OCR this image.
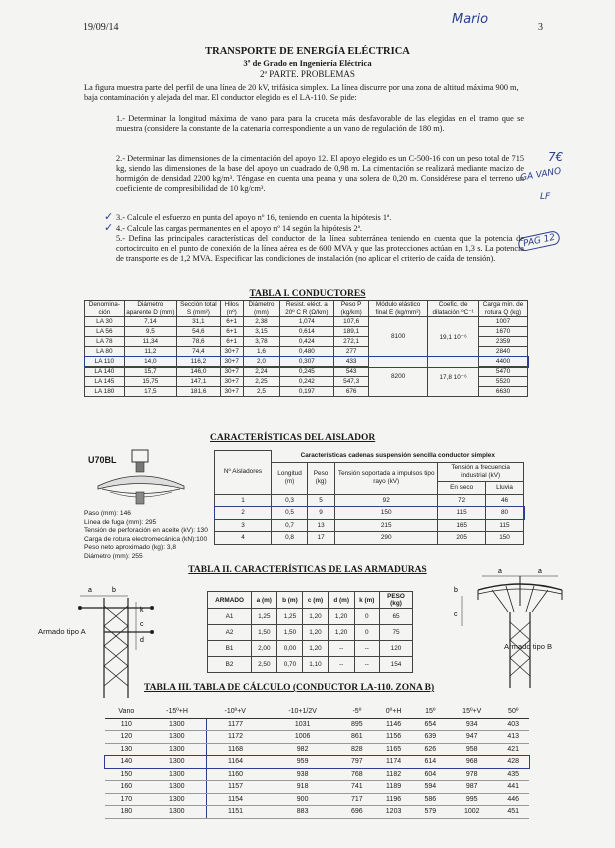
19/09/14
Mario
3
7€
GA VANO
LF
PAG 12
TRANSPORTE DE ENERGÍA ELÉCTRICA
3º de Grado en Ingeniería Eléctrica
2ª PARTE. PROBLEMAS
La figura muestra parte del perfil de una línea de 20 kV, trifásica simplex. La línea discurre por una zona de altitud máxima 900 m, baja contaminación y alejada del mar. El conductor elegido es el LA-110. Se pide:
1.- Determinar la longitud máxima de vano para para la cruceta más desfavorable de las elegidas en el tramo que se muestra (considere la constante de la catenaria correspondiente a un vano de regulación de 180 m).
2.- Determinar las dimensiones de la cimentación del apoyo 12. El apoyo elegido es un C-500-16 con un peso total de 715 kg, siendo las dimensiones de la base del apoyo un cuadrado de 0,98 m. La cimentación se realizará mediante macizo de hormigón de densidad 2200 kg/m³. Téngase en cuenta una peana y una solera de 0,20 m. Considérese para el terreno un coeficiente de compresibilidad de 10 kg/cm³.
3.- Calcule el esfuerzo en punta del apoyo nº 16, teniendo en cuenta la hipótesis 1ª.
4.- Calcule las cargas permanentes en el apoyo nº 14 según la hipótesis 2ª.
5.- Defina las principales características del conductor de la línea subterránea teniendo en cuenta que la potencia de cortocircuito en el punto de conexión de la línea aérea es de 600 MVA y que las protecciones actúan en 1,3 s. La potencia de transporte es de 1,2 MVA. Especificar las condiciones de instalación (no aplicar el criterio de caída de tensión).
✓
✓
TABLA I. CONDUCTORES
Denomina-ción	Diámetro aparente D (mm)	Sección total S (mm²)	Hilos (nº)	Diámetro (mm)	Resist. eléct. a 20º C R (Ω/km)	Peso P (kg/km)	Módulo elástico final E (kg/mm²)	Coefic. de dilatación ºC⁻¹	Carga mín. de rotura Q (kg)
LA 30	7,14	31,1	6+1	2,38	1,074	107,6	8100	19,1 10⁻⁶	1007
LA 56	9,5	54,6	6+1	3,15	0,614	189,1			1670
LA 78	11,34	78,6	6+1	3,78	0,424	272,1			2359
LA 80	11,2	74,4	30+7	1,6	0,480	277			2840
LA 110	14,0	116,2	30+7	2,0	0,307	433	8200	17,8 10⁻⁶	4400
LA 140	15,7	146,0	30+7	2,24	0,245	543			5470
LA 145	15,75	147,1	30+7	2,25	0,242	547,3			5520
LA 180	17,5	181,6	30+7	2,5	0,197	676			6630
CARACTERÍSTICAS DEL AISLADOR
U70BL
Paso (mm): 146
Línea de fuga (mm): 295
Tensión de perforación en aceite (kV): 130
Carga de rotura electromecánica (kN):100
Peso neto aproximado (kg): 3,8
Diámetro (mm): 255
Nº Aisladores	Características cadenas suspensión sencilla conductor simplex				
	Longitud (m)	Peso (kg)	Tensión soportada a impulsos tipo rayo (kV)	Tensión a frecuencia industrial (kV)	
				En seco	Lluvia
1	0,3	5	92	72	46
2	0,5	9	150	115	80
3	0,7	13	215	165	115
4	0,8	17	290	205	150
TABLA II. CARACTERÍSTICAS DE LAS ARMADURAS
a	b
k
c
d
Armado tipo A
ARMADO	a (m)	b (m)	c (m)	d (m)	k (m)	PESO (kg)
A1	1,25	1,25	1,20	1,20	0	65
A2	1,50	1,50	1,20	1,20	0	75
B1	2,00	0,00	1,20	--	--	120
B2	2,50	0,70	1,10	--	--	154
a	a
b
c
Armado tipo B
TABLA III. TABLA DE CÁLCULO (CONDUCTOR LA-110. ZONA B)
Vano	-15º+H	-10º+V	-10+1/2V	-5º	0º+H	15º	15º+V	50º
110	1300	1177	1031	895	1146	654	934	403
120	1300	1172	1006	861	1156	639	947	413
130	1300	1168	982	828	1165	626	958	421
140	1300	1164	959	797	1174	614	968	428
150	1300	1160	938	768	1182	604	978	435
160	1300	1157	918	741	1189	594	987	441
170	1300	1154	900	717	1196	586	995	446
180	1300	1151	883	696	1203	579	1002	451
